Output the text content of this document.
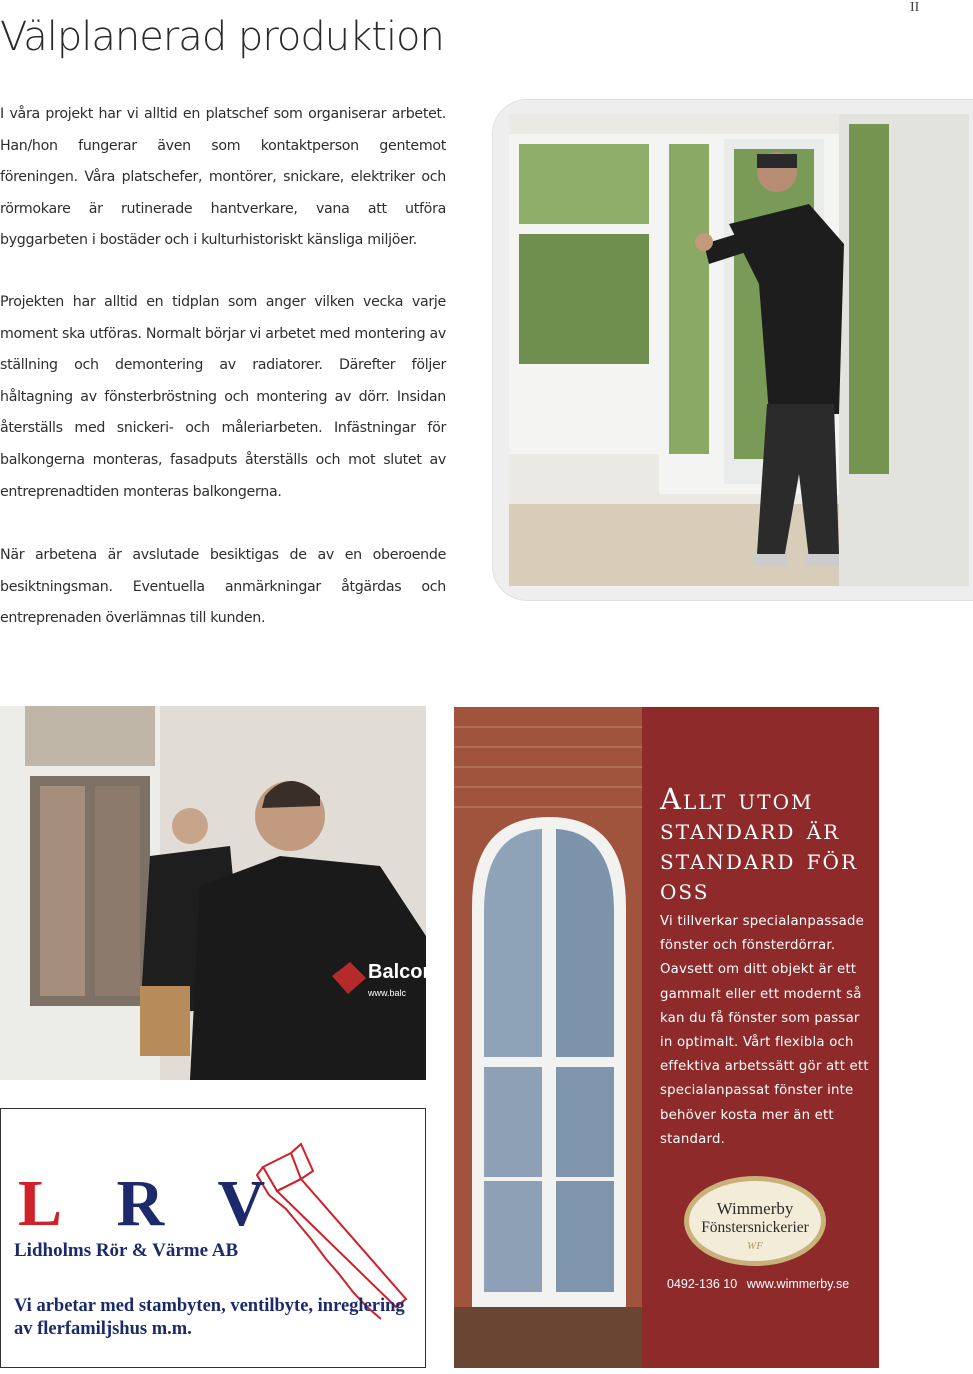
II
Välplanerad produktion

I våra projekt har vi alltid en platschef som organiserar arbetet. Han/hon fungerar även som kontaktperson gentemot föreningen. Våra platschefer, montörer, snickare, elektriker och rörmokare är rutinerade hantverkare, vana att utföra byggarbeten i bostäder och i kulturhistoriskt känsliga miljöer.

Projekten har alltid en tidplan som anger vilken vecka varje moment ska utföras. Normalt börjar vi arbetet med montering av ställning och demontering av radiatorer. Därefter följer håltagning av fönsterbröstning och montering av dörr. Insidan återställs med snickeri- och måleriarbeten. Infästningar för balkongerna monteras, fasadputs återställs och mot slutet av entreprenadtiden monteras balkongerna.

När arbetena är avslutade besiktigas de av en oberoende besiktningsman. Eventuella anmärkningar åtgärdas och entreprenaden överlämnas till kunden.

Balcon
www.balc
L R V
Lidholms Rör & Värme AB

Vi arbetar med stambyten, ventilbyte, inreglering av flerfamiljshus m.m.

Allt utom standard är standard för oss

Vi tillverkar specialanpassade fönster och fönsterdörrar. Oavsett om ditt objekt är ett gammalt eller ett modernt så kan du få fönster som passar in optimalt. Vårt flexibla och effektiva arbetssätt gör att ett specialanpassat fönster inte behöver kosta mer än ett standard.

Wimmerby
Fönstersnickerier
WF
0492-136 10 www.wimmerby.se
